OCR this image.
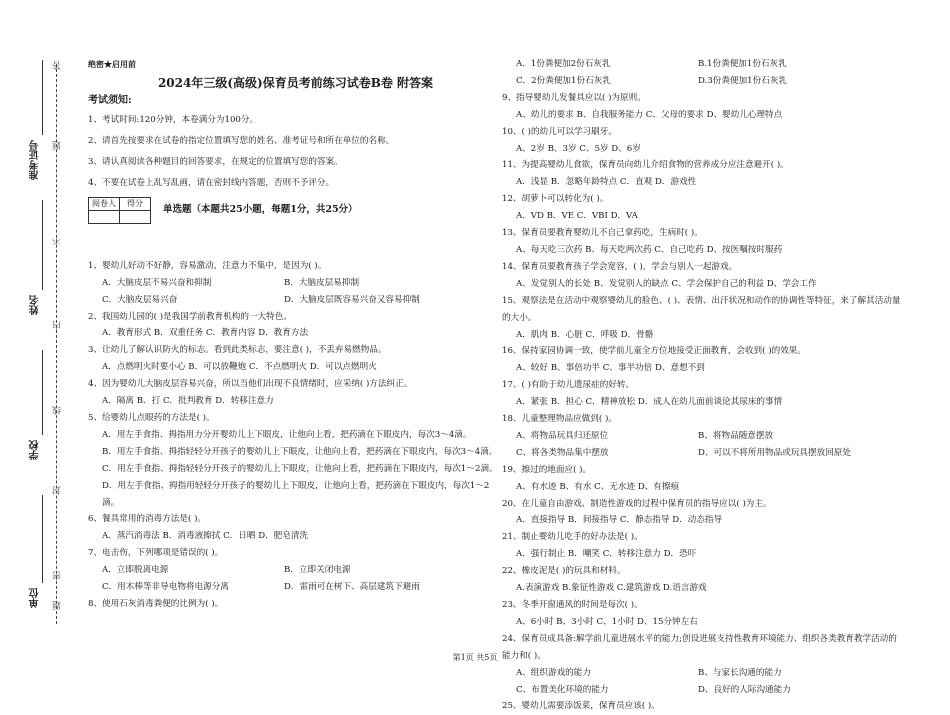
答
题
不
内
线
封
密
题
准考证号
姓名
学校
单位

绝密★启用前

2024年三级(高级)保育员考前练习试卷B卷 附答案

考试须知:

1、考试时间:120分钟，本卷满分为100分。

2、请首先按要求在试卷的指定位置填写您的姓名、准考证号和所在单位的名称。

3、请认真阅读各种题目的回答要求，在规定的位置填写您的答案。

4、不要在试卷上乱写乱画，请在密封线内答题，否则不予评分。

阅卷人	得分

单选题（本题共25小题，每题1分，共25分）

1、婴幼儿好动不好静，容易激动，注意力不集中，是因为( )。

A．大脑皮层不易兴奋和抑制	B．大脑皮层易抑制

C．大脑皮层易兴奋	D．大脑皮层既容易兴奋又容易抑制

2、我国幼儿园的( )是我国学前教育机构的一大特色。

A．教育形式 B．双重任务 C．教育内容 D．教育方法

3、让幼儿了解认识防火的标志。看到此类标志，要注意( )，不丢弃易燃物品。

A．点燃明火时要小心 B．可以放鞭炮 C．不点燃明火 D．可以点燃明火

4、因为婴幼儿大脑皮层容易兴奋，所以当他们出现不良情绪时，应采纳( )方法纠正。

A．隔离 B．打 C．批判教育 D．转移注意力

5、给婴幼儿点眼药的方法是( )。

A．用左手食指、拇指用力分开婴幼儿上下眼皮，让他向上看，把药滴在下眼皮内，每次3～4滴。

B．用左手食指、拇指轻轻分开孩子的婴幼儿上下眼皮，让他向上看，把药滴在下眼皮内，每次3～4滴。

C．用左手食指、拇指轻轻分开孩子的婴幼儿上下眼皮，让他向上看，把药滴在下眼皮内，每次1～2滴。

D．用左手食指、拇指用轻轻分开孩子的婴幼儿上下眼皮，让他向上看，把药滴在下眼皮内，每次1～2滴。

6、餐具常用的消毒方法是( )。

A．蒸汽消毒法 B．消毒液擦拭 C．日晒 D．肥皂清洗

7、电击伤，下列哪项是错误的( )。

A．立即脱离电源	B．立即关闭电源

C．用木棒等非导电物将电源分离	D．雷雨可在树下、高层建筑下避雨

8、使用石灰消毒粪便的比例为( )。

A．1份粪便加2份石灰乳	B.1份粪便加1份石灰乳

C．2份粪便加1份石灰乳	D.3份粪便加1份石灰乳

9、指导婴幼儿发餐具应以( )为原则。

A、幼儿的要求 B、自我服务能力 C、父母的要求 D、婴幼儿心理特点

10、( )的幼儿可以学习刷牙。

A、2岁 B、3岁 C、5岁 D、6岁

11、为提高婴幼儿食欲，保育员向幼儿介绍食物的营养成分应注意避开( )。

A．浅显 B．忽略年龄特点 C．直观 D．游戏性

12、胡萝卜可以转化为( )。

A．VD B．VE C．VBI D．VA

13、保育员要教育婴幼儿不自己拿药吃，生病时( )。

A、每天吃三次药 B、每天吃两次药 C、自己吃药 D、按医嘱按时服药

14、保育员要教育孩子学会宽容，( )，学会与别人一起游戏。

A、发觉别人的长处 B、发觉别人的缺点 C、学会保护自己的利益 D、学会工作

15、观察法是在活动中观察婴幼儿的脸色、( )、表情、出汗状况和动作的协调性等特征，来了解其活动量的大小。

A．肌肉 B．心脏 C．呼吸 D．骨骼

16、保持家园协调一致，使学前儿童全方位地接受正面教育，会收到( )的效果。

A、较好 B、事倍功半 C、事半功倍 D、意想不到

17、( )有助于幼儿遗尿症的好转。

A．紧张 B．担心 C．精神放松 D．成人在幼儿面前谈论其尿床的事情

18、儿童整理物品应做到( )。

A、将物品玩具归还原位	B、将物品随意摆放

C、将各类物品集中摆放	D、可以不将所用物品或玩具摆放回原处

19、擦过的地面应( )。

A、有水迹 B、有水 C、无水迹 D、有擦痕

20、在儿童自由游戏、制造性游戏的过程中保育员的指导应以( )为主。

A．直接指导 B．间接指导 C．静态指导 D．动态指导

21、制止婴幼儿吃手的好办法是( )。

A．强行制止 B．嘲笑 C．转移注意力 D．恐吓

22、橡皮泥是( )的玩具和材料。

A.表演游戏 B.象征性游戏 C.建筑游戏 D.语言游戏

23、冬季开窗通风的时间是每次( )。

A、6小时 B、3小时 C、1小时 D、15分钟左右

24、保育员成具备:解学前儿童进展水平的能力;创设进展支持性教育环境能力、组织各类教育教学活动的能力和( )。

A、组织游戏的能力	B、与家长沟通的能力

C、布置美化环境的能力	D、良好的人际沟通能力

25、婴幼儿需要添饭菜，保育员应该( )。

第1页 共5页
